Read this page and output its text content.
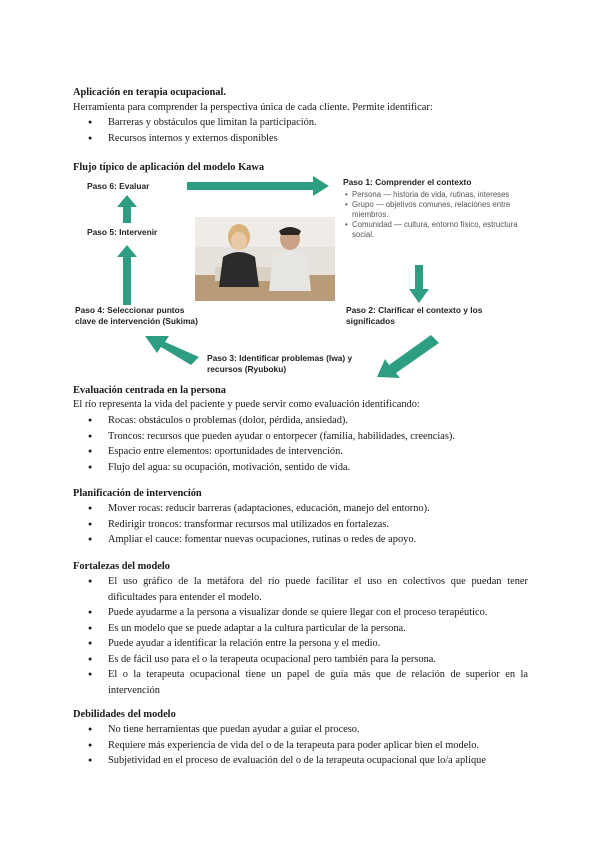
Aplicación en terapia ocupacional.

Herramienta para comprender la perspectiva única de cada cliente. Permite identificar:

● Barreras y obstáculos que limitan la participación.
● Recursos internos y externos disponibles

Flujo típico de aplicación del modelo Kawa

Paso 6: Evaluar	Paso 1: Comprender el contexto
• Persona — historia de vida, rutinas, intereses
• Grupo — objetivos comunes, relaciones entre miembros.
• Comunidad — cultura, entorno físico, estructura social.
Paso 5: Intervenir
Paso 4: Seleccionar puntos clave de intervención (Sukima)
Paso 2: Clarificar el contexto y los significados
Paso 3: Identificar problemas (Iwa) y recursos (Ryuboku)

Evaluación centrada en la persona

El río representa la vida del paciente y puede servir como evaluación identificando:

● Rocas: obstáculos o problemas (dolor, pérdida, ansiedad).
● Troncos: recursos que pueden ayudar o entorpecer (familia, habilidades, creencias).
● Espacio entre elementos: oportunidades de intervención.
● Flujo del agua: su ocupación, motivación, sentido de vida.

Planificación de intervención

● Mover rocas: reducir barreras (adaptaciones, educación, manejo del entorno).
● Redirigir troncos: transformar recursos mal utilizados en fortalezas.
● Ampliar el cauce: fomentar nuevas ocupaciones, rutinas o redes de apoyo.

Fortalezas del modelo

● El uso gráfico de la metáfora del río puede facilitar el uso en colectivos que puedan tener dificultades para entender el modelo.
● Puede ayudarme a la persona a visualizar donde se quiere llegar con el proceso terapéutico.
● Es un modelo que se puede adaptar a la cultura particular de la persona.
● Puede ayudar a identificar la relación entre la persona y el medio.
● Es de fácil uso para el o la terapeuta ocupacional pero también para la persona.
● El o la terapeuta ocupacional tiene un papel de guía más que de relación de superior en la intervención

Debilidades del modelo

● No tiene herramientas que puedan ayudar a guiar el proceso.
● Requiere más experiencia de vida del o de la terapeuta para poder aplicar bien el modelo.
● Subjetividad en el proceso de evaluación del o de la terapeuta ocupacional que lo/a aplique
